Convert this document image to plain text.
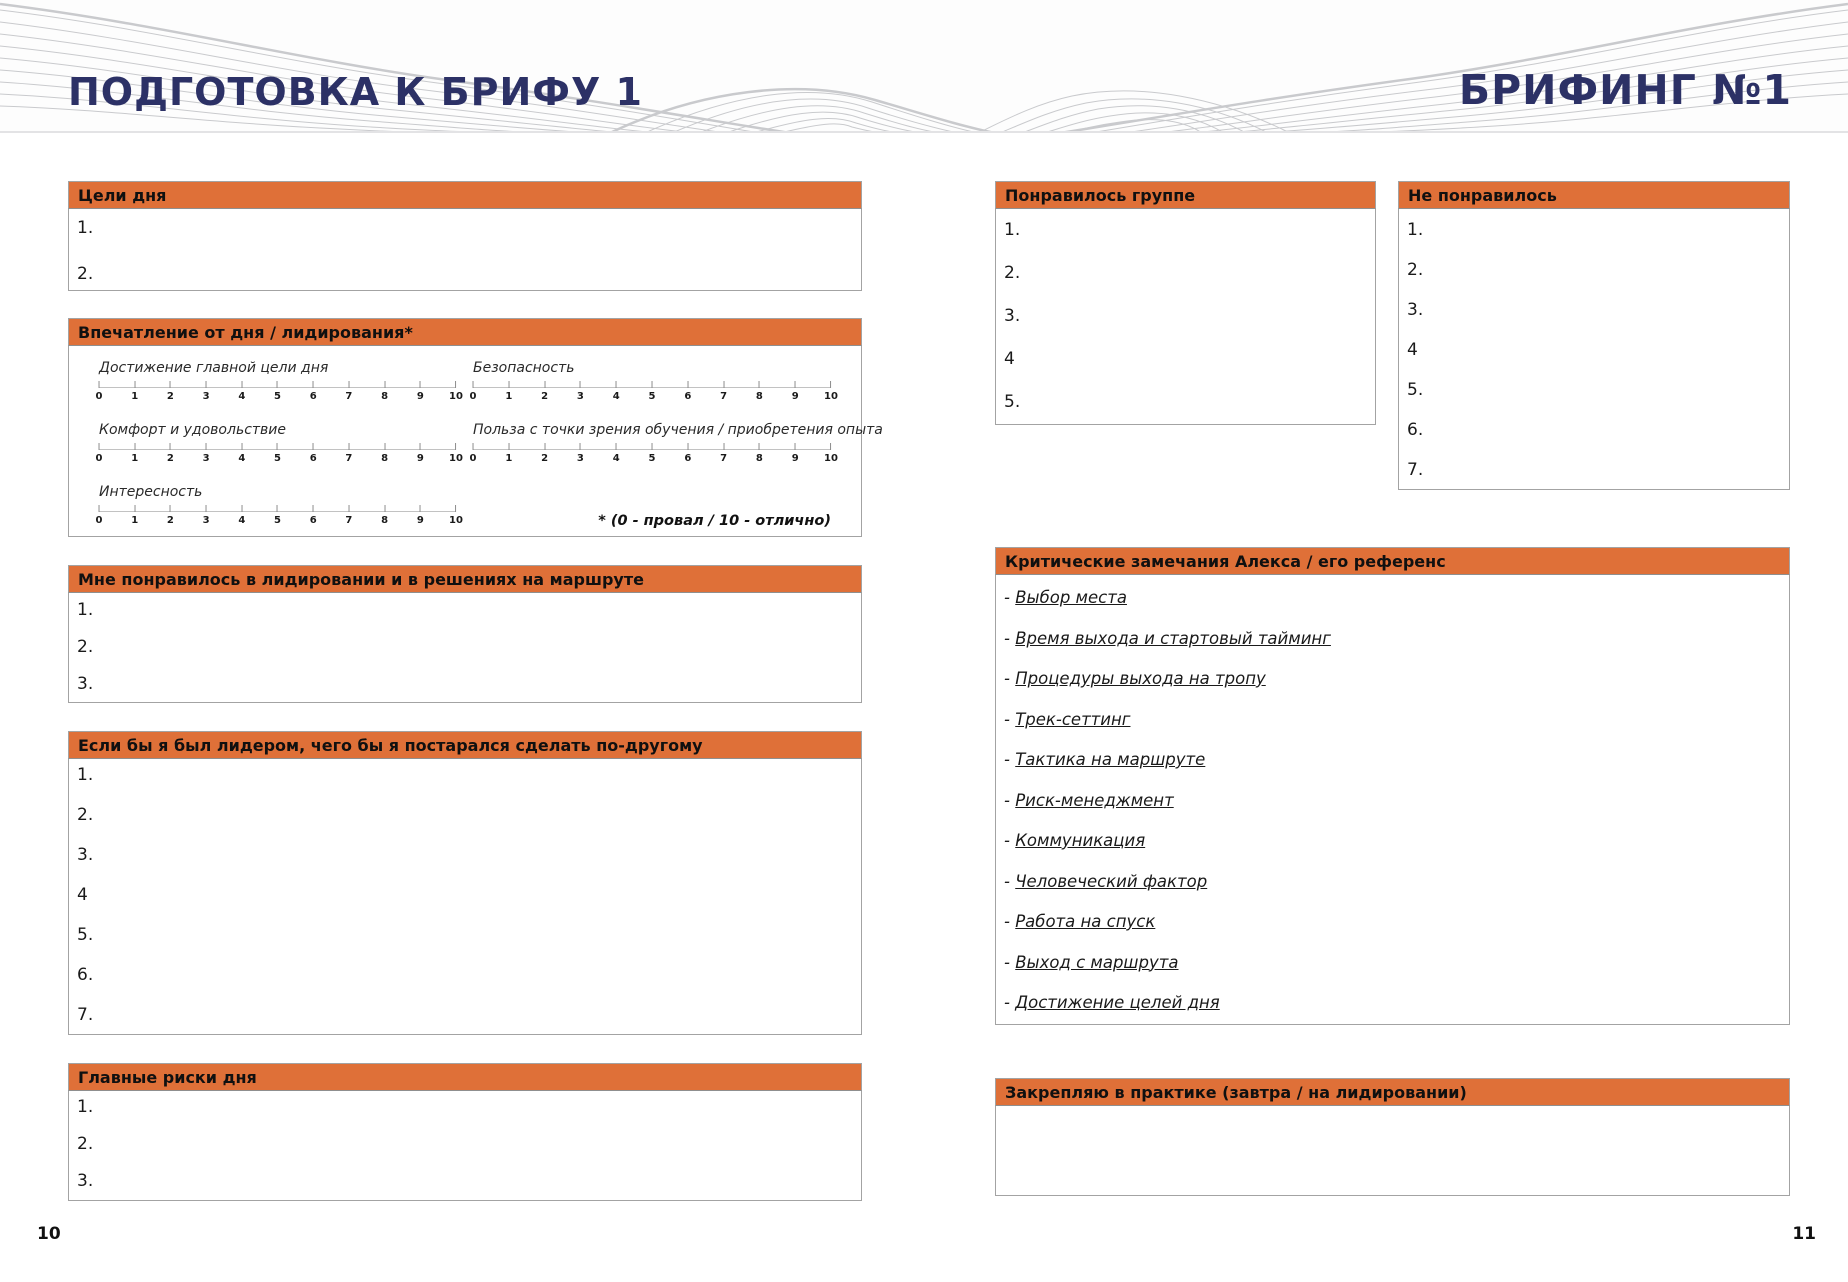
ПОДГОТОВКА К БРИФУ 1	БРИФИНГ №1
Цели дня
1.
2.
Впечатление от дня / лидирования*
Достижение главной цели дня
0	1	2	3	4	5	6	7	8	9	10
Безопасность
0	1	2	3	4	5	6	7	8	9	10
Комфорт и удовольствие
0	1	2	3	4	5	6	7	8	9	10
Польза с точки зрения обучения / приобретения опыта
0	1	2	3	4	5	6	7	8	9	10
Интересность
0	1	2	3	4	5	6	7	8	9	10	* (0 - провал / 10 - отлично)
Мне понравилось в лидировании и в решениях на маршруте
1.
2.
3.
Если бы я был лидером, чего бы я постарался сделать по-другому
1.
2.
3.
4
5.
6.
7.
Главные риски дня
1.
2.
3.
Понравилось группе
1.
2.
3.
4
5.
Не понравилось
1.
2.
3.
4
5.
6.
7.
Критические замечания Алекса / его референс
- Выбор места
- Время выхода и стартовый тайминг
- Процедуры выхода на тропу
- Трек-сеттинг
- Тактика на маршруте
- Риск-менеджмент
- Коммуникация
- Человеческий фактор
- Работа на спуск
- Выход с маршрута
- Достижение целей дня
Закрепляю в практике (завтра / на лидировании)
10	11
